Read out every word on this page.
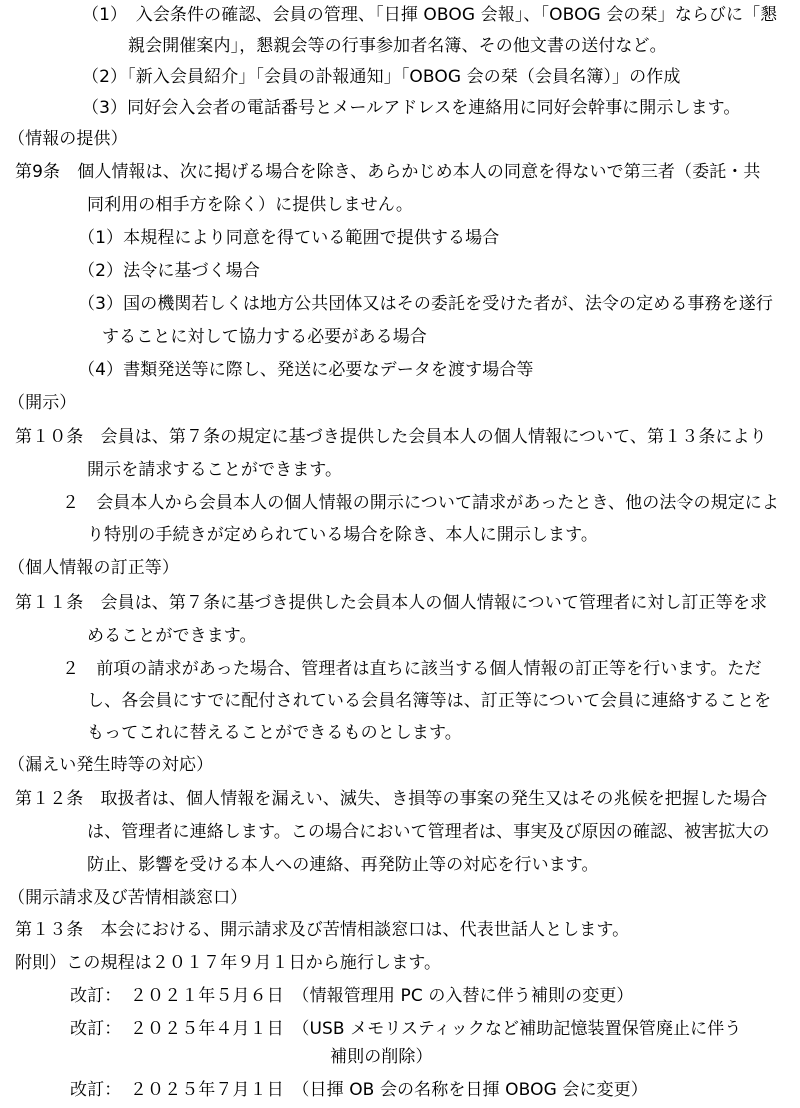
（1）　入会条件の確認、会員の管理、「日揮 OBOG 会報」、「OBOG 会の栞」ならびに「懇
親会開催案内」，懇親会等の行事参加者名簿、その他文書の送付など。
（2）「新入会員紹介」「会員の訃報通知」「OBOG 会の栞（会員名簿）」の作成
（3）同好会入会者の電話番号とメールアドレスを連絡用に同好会幹事に開示します。
（情報の提供）
第9条　個人情報は、次に掲げる場合を除き、あらかじめ本人の同意を得ないで第三者（委託・共
同利用の相手方を除く）に提供しません。
（1）本規程により同意を得ている範囲で提供する場合
（2）法令に基づく場合
（3）国の機関若しくは地方公共団体又はその委託を受けた者が、法令の定める事務を遂行
することに対して協力する必要がある場合
（4）書類発送等に際し、発送に必要なデータを渡す場合等
（開示）
第１０条　会員は、第７条の規定に基づき提供した会員本人の個人情報について、第１３条により
開示を請求することができます。
２　会員本人から会員本人の個人情報の開示について請求があったとき、他の法令の規定によ
り特別の手続きが定められている場合を除き、本人に開示します。
（個人情報の訂正等）
第１１条　会員は、第７条に基づき提供した会員本人の個人情報について管理者に対し訂正等を求
めることができます。
２　前項の請求があった場合、管理者は直ちに該当する個人情報の訂正等を行います。ただ
し、各会員にすでに配付されている会員名簿等は、訂正等について会員に連絡することを
もってこれに替えることができるものとします。
（漏えい発生時等の対応）
第１２条　取扱者は、個人情報を漏えい、滅失、き損等の事案の発生又はその兆候を把握した場合
は、管理者に連絡します。この場合において管理者は、事実及び原因の確認、被害拡大の
防止、影響を受ける本人への連絡、再発防止等の対応を行います。
（開示請求及び苦情相談窓口）
第１３条　本会における、開示請求及び苦情相談窓口は、代表世話人とします。
附則）この規程は２０１７年９月１日から施行します。
改訂：　２０２１年５月６日　（情報管理用 PC の入替に伴う補則の変更）
改訂：　２０２５年４月１日　（USB メモリスティックなど補助記憶装置保管廃止に伴う
補則の削除）
改訂：　２０２５年７月１日　（日揮 OB 会の名称を日揮 OBOG 会に変更）
